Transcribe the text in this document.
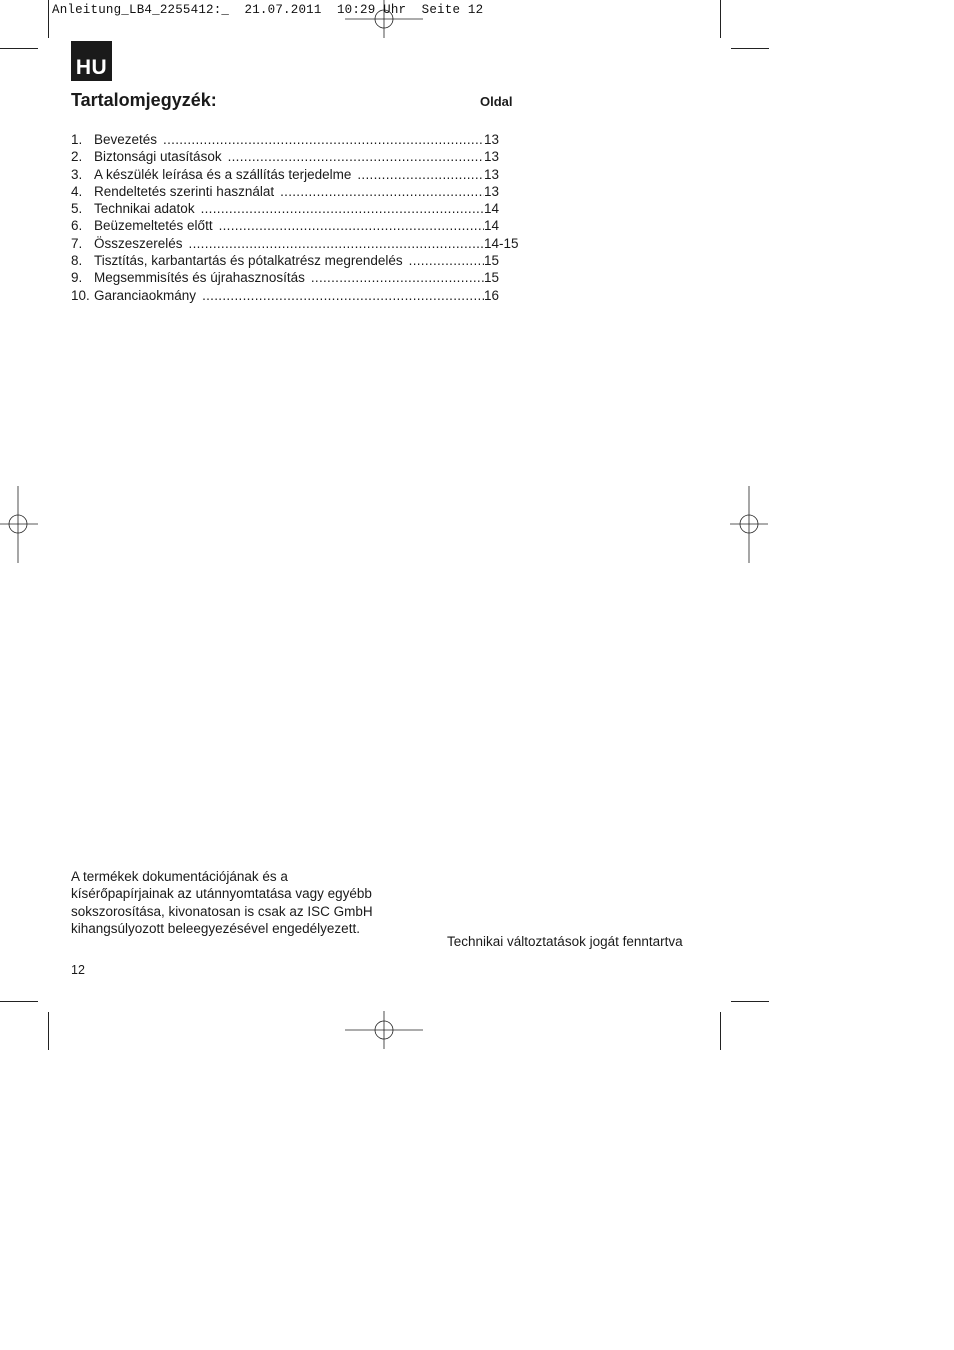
Anleitung_LB4_2255412:_  21.07.2011  10:29 Uhr  Seite 12
HU
Tartalomjegyzék:	Oldal
1. Bevezetés .....	13
2. Biztonsági utasítások .....	13
3. A készülék leírása és a szállítás terjedelme .....	13
4. Rendeltetés szerinti használat .....	13
5. Technikai adatok .....	14
6. Beüzemeltetés előtt .....	14
7. Összeszerelés .....	14-15
8. Tisztítás, karbantartás és pótalkatrész megrendelés .....	15
9. Megsemmisítés és újrahasznosítás .....	15
10. Garanciaokmány .....	16
A termékek dokumentációjának és a kísérőpapírjainak az utánnyomtatása vagy egyébb sokszorosítása, kivonatosan is csak az ISC GmbH kihangsúlyozott beleegyezésével engedélyezett.
Technikai változtatások jogát fenntartva
12
